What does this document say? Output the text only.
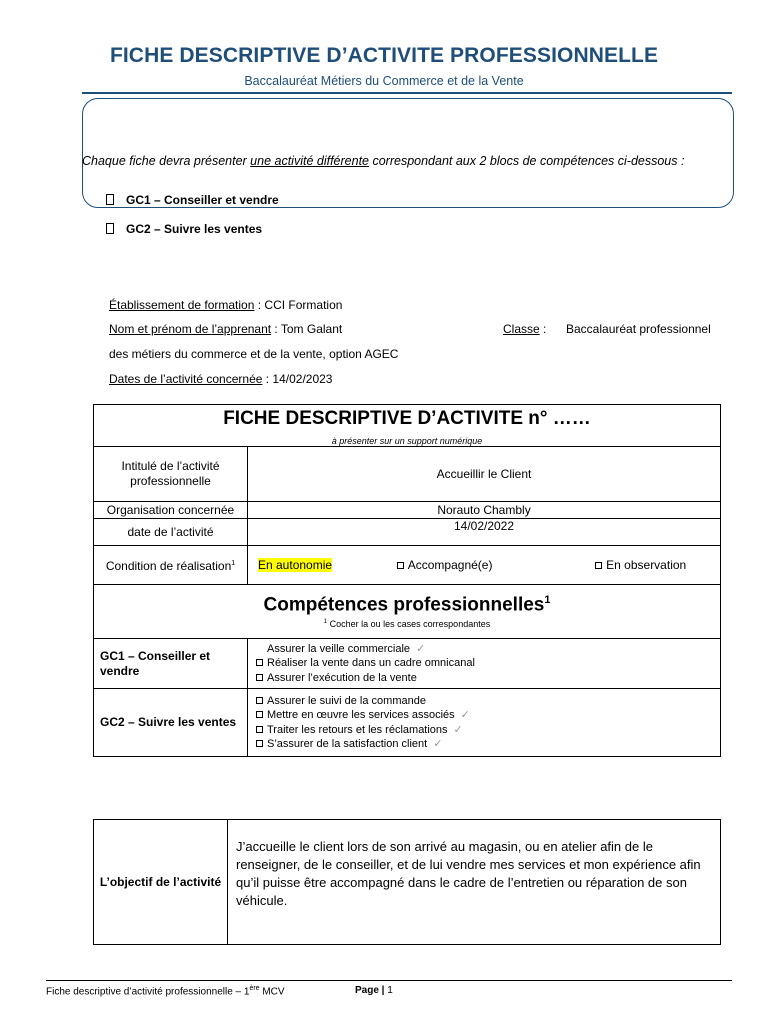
FICHE DESCRIPTIVE D’ACTIVITE PROFESSIONNELLE
Baccalauréat Métiers du Commerce et de la Vente
Chaque fiche devra présenter une activité différente correspondant aux 2 blocs de compétences ci-dessous :
GC1 – Conseiller et vendre
GC2 – Suivre les ventes
Établissement de formation : CCI Formation
Nom et prénom de l’apprenant : Tom Galant	Classe : Baccalauréat professionnel
des métiers du commerce et de la vente, option AGEC
Dates de l’activité concernée : 14/02/2023
FICHE DESCRIPTIVE D’ACTIVITE n° ……
à présenter sur un support numérique	

Intitulé de l’activité professionnelle	Accueillir le Client
Organisation concernée	Norauto Chambly
date de l’activité	14/02/2022
Condition de réalisation$^1$	En autonomie Accompagné(e) En observation

Compétences professionnelles$^1$
$^1$ Cocher la ou les cases correspondantes	

GC1 – Conseiller et vendre	Assurer la veille commerciale ✓
Réaliser la vente dans un cadre omnicanal
Assurer l’exécution de la vente

GC2 – Suivre les ventes	Assurer le suivi de la commande
Mettre en œuvre les services associés ✓
Traiter les retours et les réclamations ✓
S’assurer de la satisfaction client ✓
L’objectif de l’activité	J’accueille le client lors de son arrivé au magasin, ou en atelier afin de le renseigner, de le conseiller, et de lui vendre mes services et mon expérience afin qu’il puisse être accompagné dans le cadre de l’entretien ou réparation de son véhicule.
Fiche descriptive d’activité professionnelle – 1ère MCV	Page | 1
